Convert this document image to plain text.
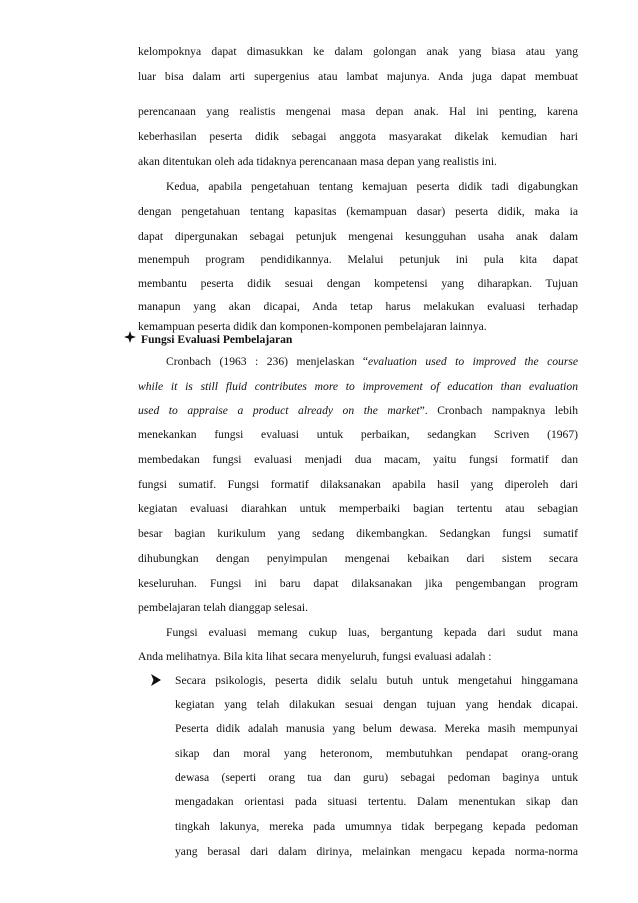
kelompoknya dapat dimasukkan ke dalam golongan anak yang biasa atau yang
luar bisa dalam arti supergenius atau lambat majunya. Anda juga dapat membuat
perencanaan yang realistis mengenai masa depan anak. Hal ini penting, karena
keberhasilan peserta didik sebagai anggota masyarakat dikelak kemudian hari
akan ditentukan oleh ada tidaknya perencanaan masa depan yang realistis ini.
Kedua, apabila pengetahuan tentang kemajuan peserta didik tadi digabungkan
dengan pengetahuan tentang kapasitas (kemampuan dasar) peserta didik, maka ia
dapat dipergunakan sebagai petunjuk mengenai kesungguhan usaha anak dalam
menempuh program pendidikannya. Melalui petunjuk ini pula kita dapat
membantu peserta didik sesuai dengan kompetensi yang diharapkan. Tujuan
manapun yang akan dicapai, Anda tetap harus melakukan evaluasi terhadap
kemampuan peserta didik dan komponen-komponen pembelajaran lainnya.
Fungsi Evaluasi Pembelajaran
Cronbach (1963 : 236) menjelaskan “evaluation used to improved the course
while it is still fluid contributes more to improvement of education than evaluation
used to appraise a product already on the market”. Cronbach nampaknya lebih
menekankan fungsi evaluasi untuk perbaikan, sedangkan Scriven (1967)
membedakan fungsi evaluasi menjadi dua macam, yaitu fungsi formatif dan
fungsi sumatif. Fungsi formatif dilaksanakan apabila hasil yang diperoleh dari
kegiatan evaluasi diarahkan untuk memperbaiki bagian tertentu atau sebagian
besar bagian kurikulum yang sedang dikembangkan. Sedangkan fungsi sumatif
dihubungkan dengan penyimpulan mengenai kebaikan dari sistem secara
keseluruhan. Fungsi ini baru dapat dilaksanakan jika pengembangan program
pembelajaran telah dianggap selesai.
Fungsi evaluasi memang cukup luas, bergantung kepada dari sudut mana
Anda melihatnya. Bila kita lihat secara menyeluruh, fungsi evaluasi adalah :
Secara psikologis, peserta didik selalu butuh untuk mengetahui hinggamana
kegiatan yang telah dilakukan sesuai dengan tujuan yang hendak dicapai.
Peserta didik adalah manusia yang belum dewasa. Mereka masih mempunyai
sikap dan moral yang heteronom, membutuhkan pendapat orang-orang
dewasa (seperti orang tua dan guru) sebagai pedoman baginya untuk
mengadakan orientasi pada situasi tertentu. Dalam menentukan sikap dan
tingkah lakunya, mereka pada umumnya tidak berpegang kepada pedoman
yang berasal dari dalam dirinya, melainkan mengacu kepada norma-norma
